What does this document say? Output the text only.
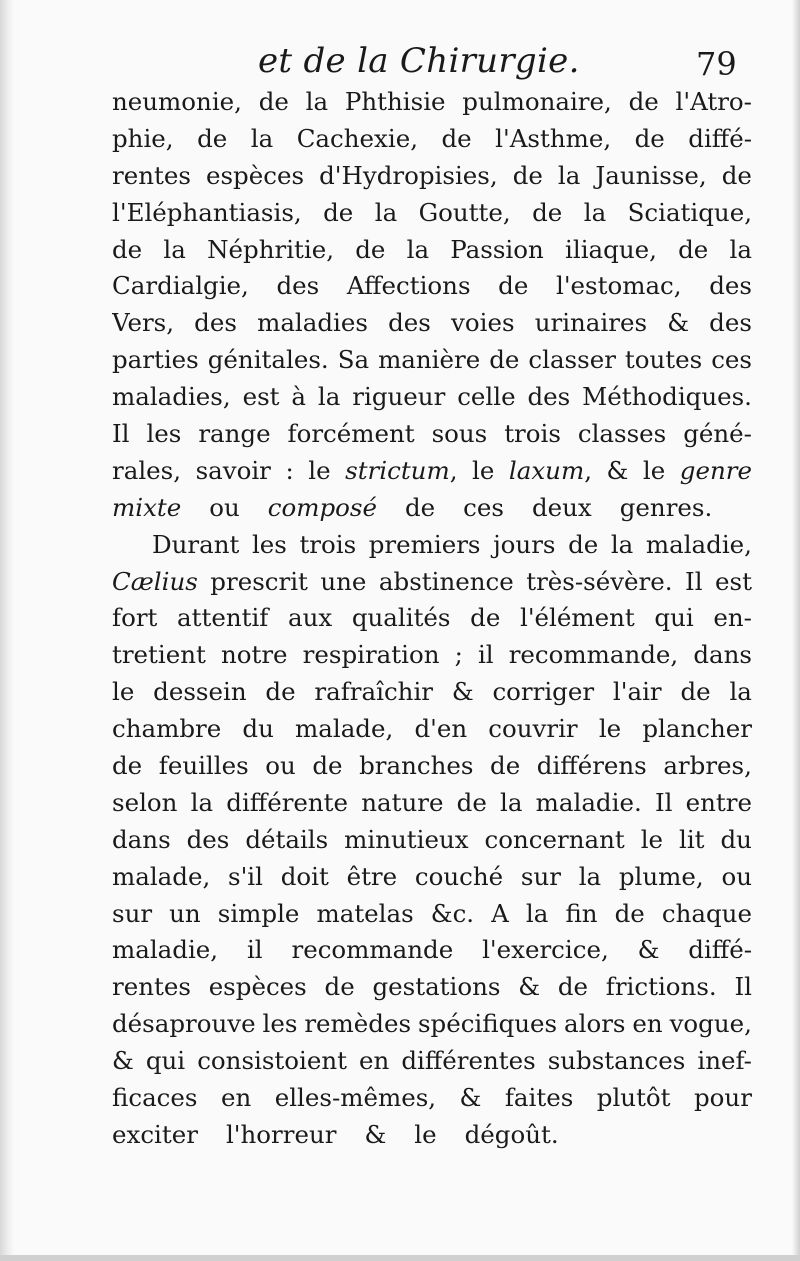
et de la Chirurgie.	79
neumonie, de la Phthisie pulmonaire, de l'Atro-
phie, de la Cachexie, de l'Asthme, de diffé-
rentes espèces d'Hydropisies, de la Jaunisse, de
l'Eléphantiasis, de la Goutte, de la Sciatique,
de la Néphritie, de la Passion iliaque, de la
Cardialgie, des Affections de l'estomac, des
Vers, des maladies des voies urinaires & des
parties génitales. Sa manière de classer toutes ces
maladies, est à la rigueur celle des Méthodiques.
Il les range forcément sous trois classes géné-
rales, savoir : le strictum, le laxum, & le genre
mixte	ou	composé	de	ces	deux	genres.
Durant les trois premiers jours de la maladie,
Cælius prescrit une abstinence très-sévère. Il est
fort attentif aux qualités de l'élément qui en-
tretient notre respiration ; il recommande, dans
le dessein de rafraîchir & corriger l'air de la
chambre du malade, d'en couvrir le plancher
de feuilles ou de branches de différens arbres,
selon la différente nature de la maladie. Il entre
dans des détails minutieux concernant le lit du
malade, s'il doit être couché sur la plume, ou
sur un simple matelas &c. A la fin de chaque
maladie, il recommande l'exercice, & diffé-
rentes espèces de gestations & de frictions. Il
désaprouve les remèdes spécifiques alors en vogue,
& qui consistoient en différentes substances inef-
ficaces en elles-mêmes, & faites plutôt pour
exciter	l'horreur	&	le	dégoût.
